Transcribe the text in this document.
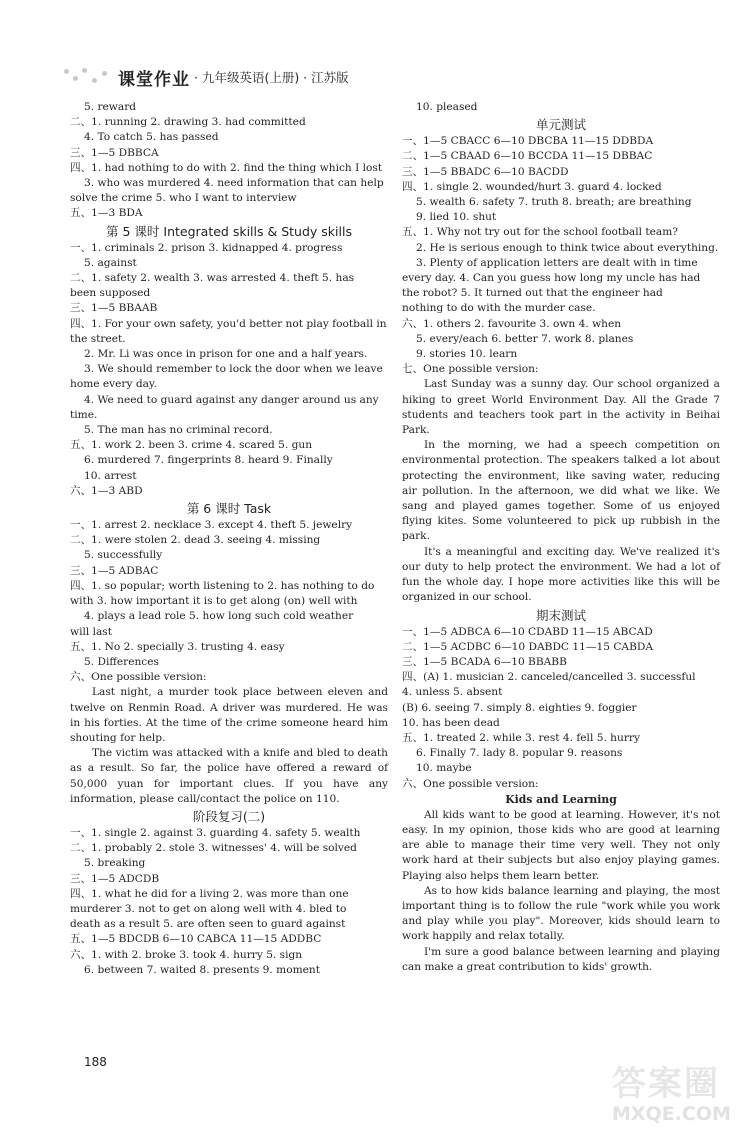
课堂作业 · 九年级英语(上册) · 江苏版
5. reward
二、1. running 2. drawing 3. had committed
4. To catch 5. has passed
三、1—5 DBBCA
四、1. had nothing to do with 2. find the thing which I lost
3. who was murdered 4. need information that can help
solve the crime 5. who I want to interview
五、1—3 BDA
第 5 课时 Integrated skills & Study skills
一、1. criminals 2. prison 3. kidnapped 4. progress
5. against
二、1. safety 2. wealth 3. was arrested 4. theft 5. has
been supposed
三、1—5 BBAAB
四、1. For your own safety, you'd better not play football in
the street.
2. Mr. Li was once in prison for one and a half years.
3. We should remember to lock the door when we leave
home every day.
4. We need to guard against any danger around us any
time.
5. The man has no criminal record.
五、1. work 2. been 3. crime 4. scared 5. gun
6. murdered 7. fingerprints 8. heard 9. Finally
10. arrest
六、1—3 ABD
第 6 课时 Task
一、1. arrest 2. necklace 3. except 4. theft 5. jewelry
二、1. were stolen 2. dead 3. seeing 4. missing
5. successfully
三、1—5 ADBAC
四、1. so popular; worth listening to 2. has nothing to do
with 3. how important it is to get along (on) well with
4. plays a lead role 5. how long such cold weather
will last
五、1. No 2. specially 3. trusting 4. easy
5. Differences
六、One possible version:
Last night, a murder took place between eleven and twelve on Renmin Road. A driver was murdered. He was in his forties. At the time of the crime someone heard him shouting for help.
The victim was attacked with a knife and bled to death as a result. So far, the police have offered a reward of 50,000 yuan for important clues. If you have any information, please call/contact the police on 110.
阶段复习(二)
一、1. single 2. against 3. guarding 4. safety 5. wealth
二、1. probably 2. stole 3. witnesses' 4. will be solved
5. breaking
三、1—5 ADCDB
四、1. what he did for a living 2. was more than one
murderer 3. not to get on along well with 4. bled to
death as a result 5. are often seen to guard against
五、1—5 BDCDB 6—10 CABCA 11—15 ADDBC
六、1. with 2. broke 3. took 4. hurry 5. sign
6. between 7. waited 8. presents 9. moment
10. pleased
单元测试
一、1—5 CBACC 6—10 DBCBA 11—15 DDBDA
二、1—5 CBAAD 6—10 BCCDA 11—15 DBBAC
三、1—5 BBADC 6—10 BACDD
四、1. single 2. wounded/hurt 3. guard 4. locked
5. wealth 6. safety 7. truth 8. breath; are breathing
9. lied 10. shut
五、1. Why not try out for the school football team?
2. He is serious enough to think twice about everything.
3. Plenty of application letters are dealt with in time
every day. 4. Can you guess how long my uncle has had
the robot? 5. It turned out that the engineer had
nothing to do with the murder case.
六、1. others 2. favourite 3. own 4. when
5. every/each 6. better 7. work 8. planes
9. stories 10. learn
七、One possible version:
Last Sunday was a sunny day. Our school organized a hiking to greet World Environment Day. All the Grade 7 students and teachers took part in the activity in Beihai Park.
In the morning, we had a speech competition on environmental protection. The speakers talked a lot about protecting the environment, like saving water, reducing air pollution. In the afternoon, we did what we like. We sang and played games together. Some of us enjoyed flying kites. Some volunteered to pick up rubbish in the park.
It's a meaningful and exciting day. We've realized it's our duty to help protect the environment. We had a lot of fun the whole day. I hope more activities like this will be organized in our school.
期末测试
一、1—5 ADBCA 6—10 CDABD 11—15 ABCAD
二、1—5 ACDBC 6—10 DABDC 11—15 CABDA
三、1—5 BCADA 6—10 BBABB
四、(A) 1. musician 2. canceled/cancelled 3. successful
4. unless 5. absent
(B) 6. seeing 7. simply 8. eighties 9. foggier
10. has been dead
五、1. treated 2. while 3. rest 4. fell 5. hurry
6. Finally 7. lady 8. popular 9. reasons
10. maybe
六、One possible version:
Kids and Learning
All kids want to be good at learning. However, it's not easy. In my opinion, those kids who are good at learning are able to manage their time very well. They not only work hard at their subjects but also enjoy playing games. Playing also helps them learn better.
As to how kids balance learning and playing, the most important thing is to follow the rule "work while you work and play while you play". Moreover, kids should learn to work happily and relax totally.
I'm sure a good balance between learning and playing can make a great contribution to kids' growth.
188
答案圈
MXQE.COM
